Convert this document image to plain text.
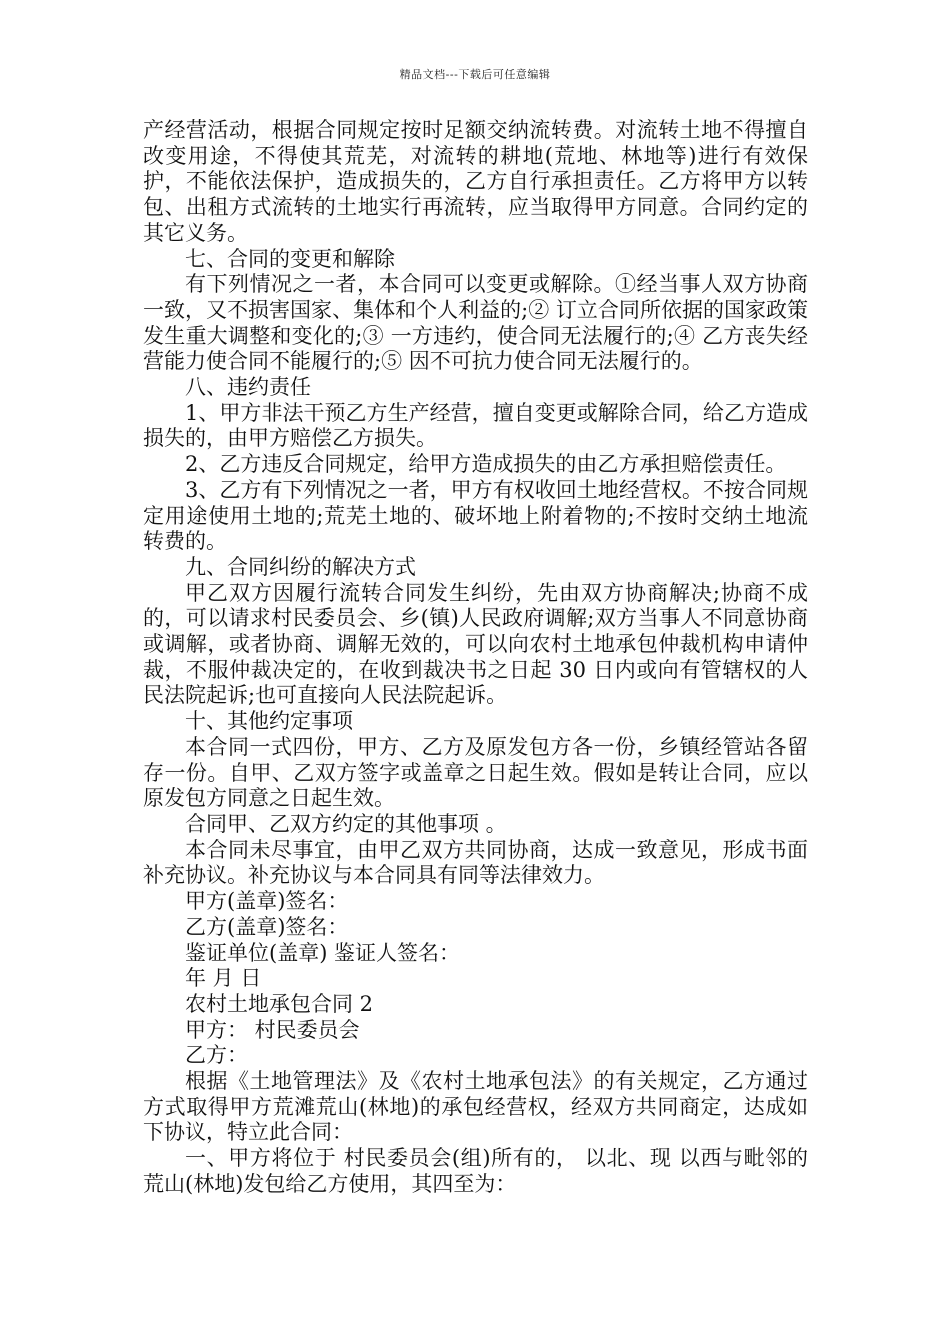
精品文档---下载后可任意编辑

产经营活动，根据合同规定按时足额交纳流转费。对流转土地不得擅自改变用途，不得使其荒芜，对流转的耕地(荒地、林地等)进行有效保护，不能依法保护，造成损失的，乙方自行承担责任。乙方将甲方以转包、出租方式流转的土地实行再流转，应当取得甲方同意。合同约定的其它义务。

七、合同的变更和解除

有下列情况之一者，本合同可以变更或解除。①经当事人双方协商一致，又不损害国家、集体和个人利益的;② 订立合同所依据的国家政策发生重大调整和变化的;③ 一方违约，使合同无法履行的;④ 乙方丧失经营能力使合同不能履行的;⑤ 因不可抗力使合同无法履行的。

八、违约责任

1、甲方非法干预乙方生产经营，擅自变更或解除合同，给乙方造成损失的，由甲方赔偿乙方损失。

2、乙方违反合同规定，给甲方造成损失的由乙方承担赔偿责任。

3、乙方有下列情况之一者，甲方有权收回土地经营权。不按合同规定用途使用土地的;荒芜土地的、破坏地上附着物的;不按时交纳土地流转费的。

九、合同纠纷的解决方式

甲乙双方因履行流转合同发生纠纷，先由双方协商解决;协商不成的，可以请求村民委员会、乡(镇)人民政府调解;双方当事人不同意协商或调解，或者协商、调解无效的，可以向农村土地承包仲裁机构申请仲裁，不服仲裁决定的，在收到裁决书之日起 30 日内或向有管辖权的人民法院起诉;也可直接向人民法院起诉。

十、其他约定事项

本合同一式四份，甲方、乙方及原发包方各一份，乡镇经管站各留存一份。自甲、乙双方签字或盖章之日起生效。假如是转让合同，应以原发包方同意之日起生效。

合同甲、乙双方约定的其他事项 。

本合同未尽事宜，由甲乙双方共同协商，达成一致意见，形成书面补充协议。补充协议与本合同具有同等法律效力。

甲方(盖章)签名：

乙方(盖章)签名：

鉴证单位(盖章) 鉴证人签名：

年 月 日

农村土地承包合同 2

甲方： 村民委员会

乙方：

根据《土地管理法》及《农村土地承包法》的有关规定，乙方通过方式取得甲方荒滩荒山(林地)的承包经营权，经双方共同商定，达成如下协议，特立此合同：

一、甲方将位于 村民委员会(组)所有的， 以北、现 以西与毗邻的荒山(林地)发包给乙方使用，其四至为：
